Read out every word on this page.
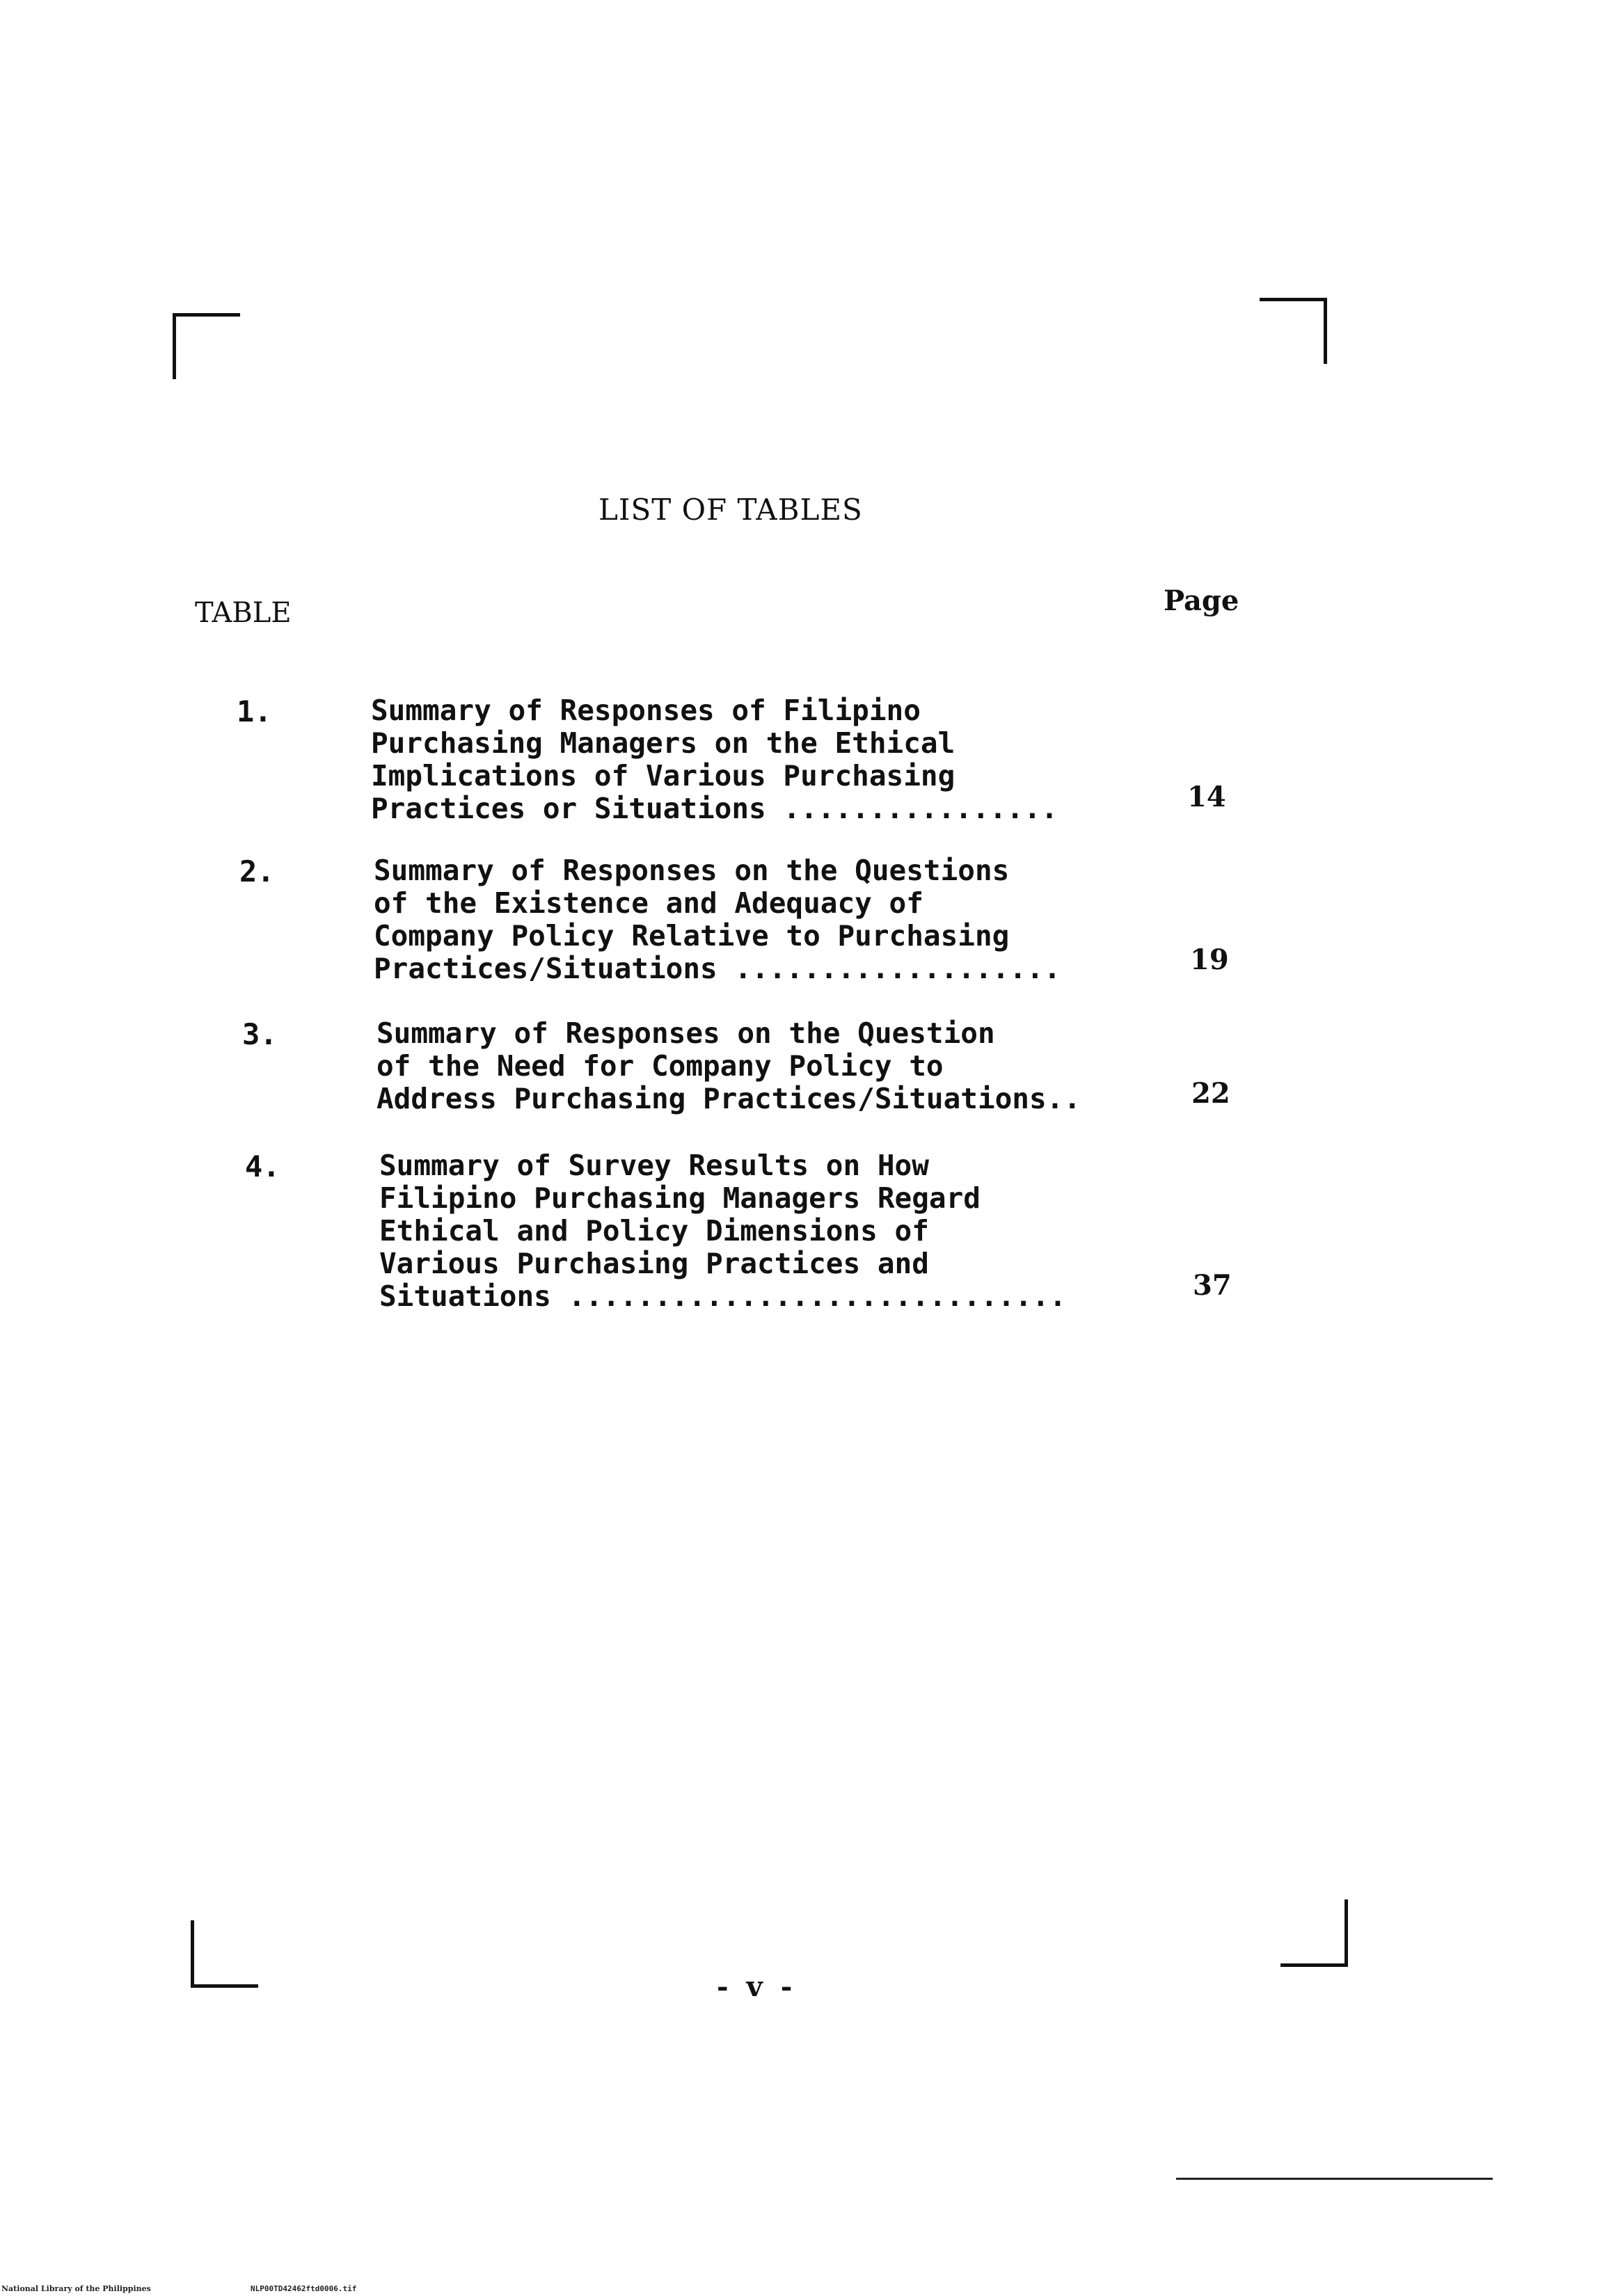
LIST OF TABLES
TABLE	Page
1.	Summary of Responses of Filipino
Purchasing Managers on the Ethical
Implications of Various Purchasing
Practices or Situations ................	14
2.	Summary of Responses on the Questions
of the Existence and Adequacy of
Company Policy Relative to Purchasing
Practices/Situations ...................	19
3.	Summary of Responses on the Question
of the Need for Company Policy to
Address Purchasing Practices/Situations..	22
4.	Summary of Survey Results on How
Filipino Purchasing Managers Regard
Ethical and Policy Dimensions of
Various Purchasing Practices and
Situations .............................	37
- v -
National Library of the Philippines	NLP00TD42462ftd0006.tif
